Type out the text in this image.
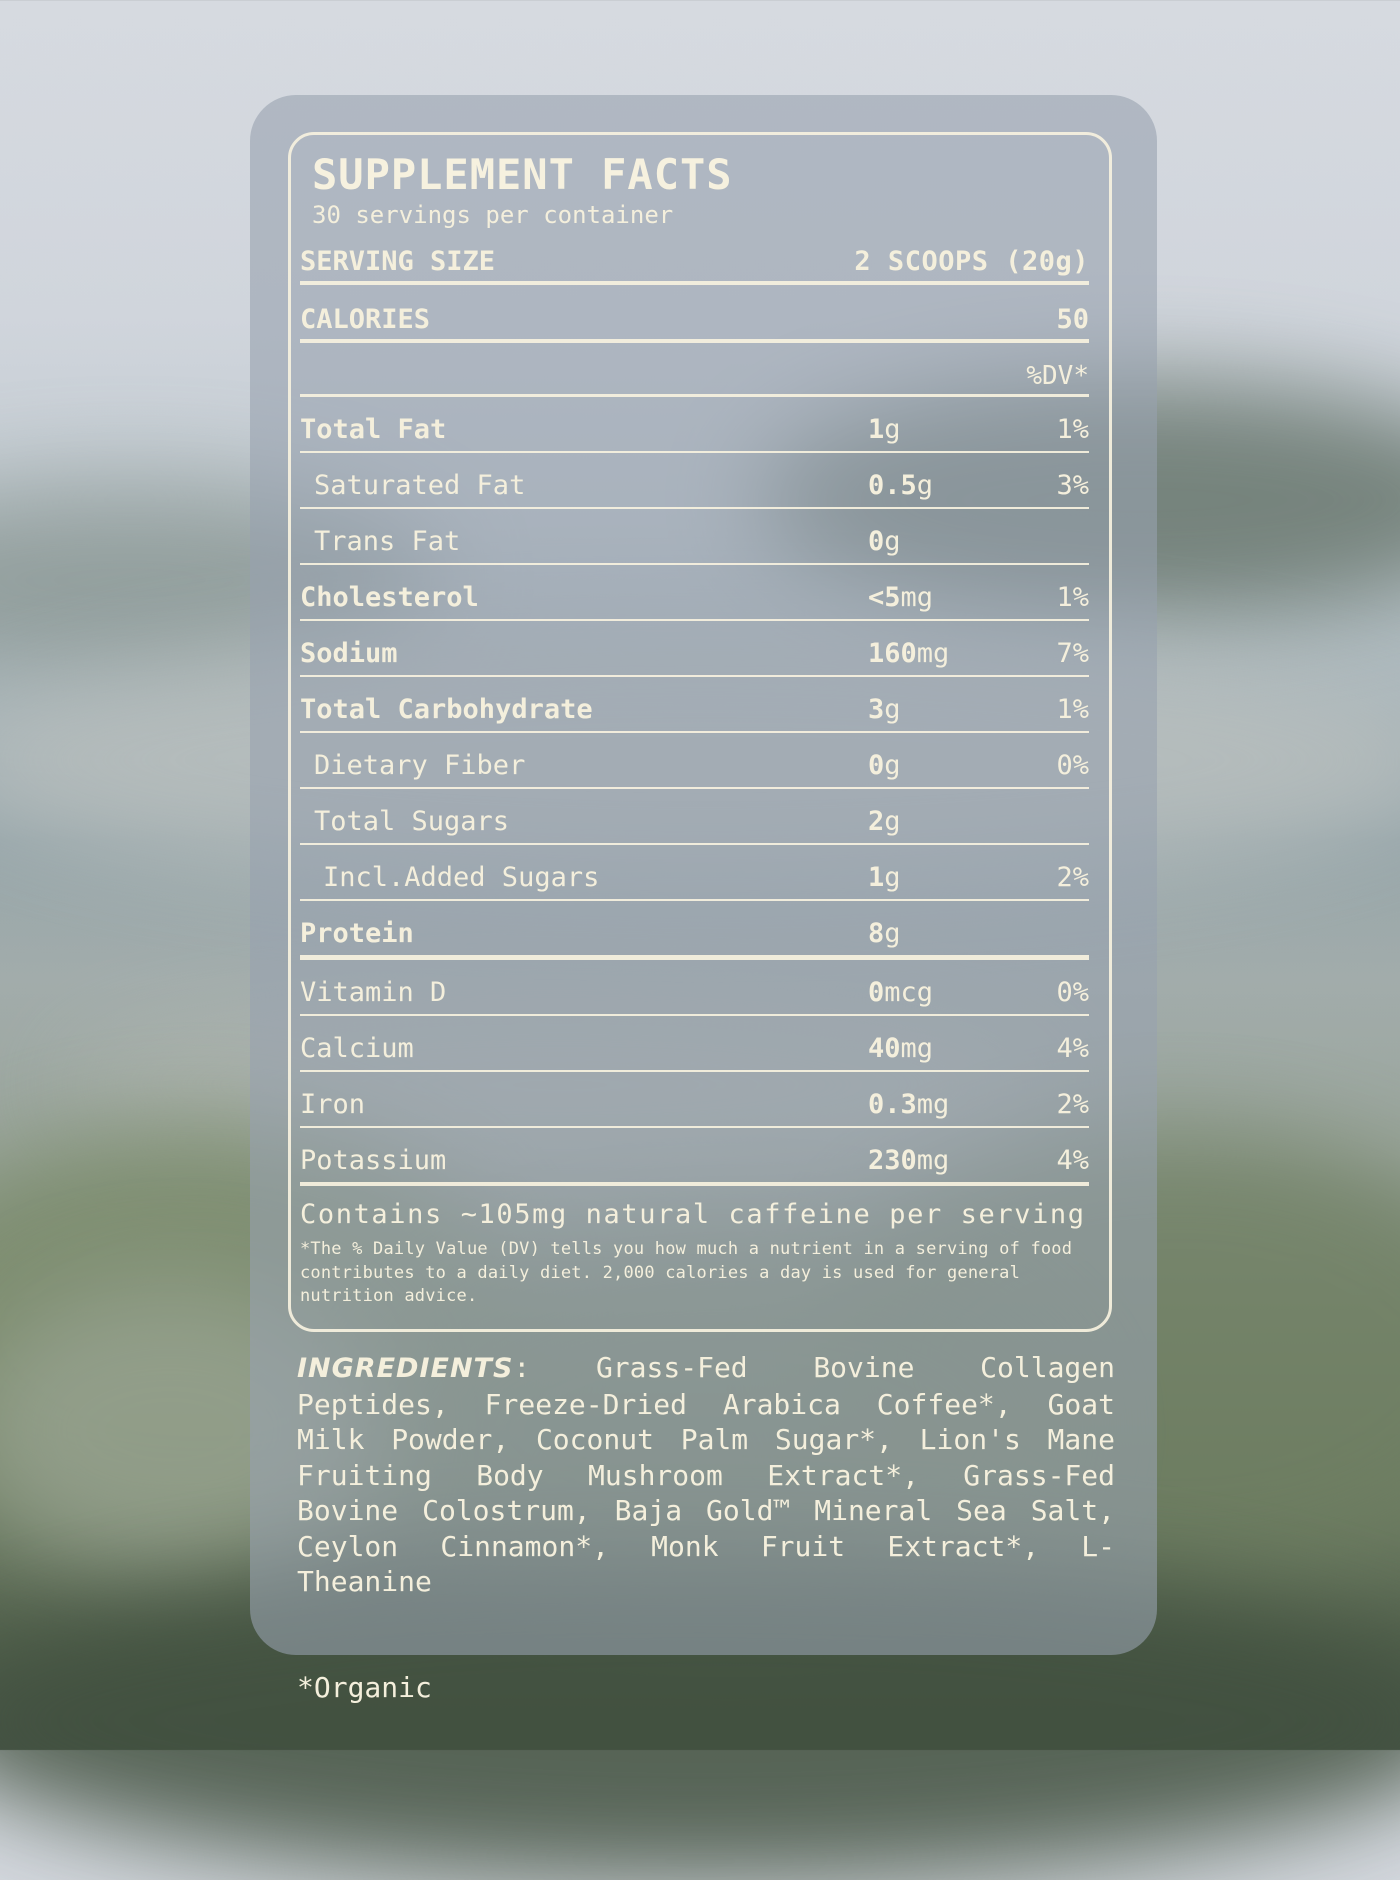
SUPPLEMENT FACTS
30 servings per container
SERVING SIZE	2 SCOOPS (20g)
CALORIES	50
%DV*
Total Fat	1g	1%
Saturated Fat	0.5g	3%
Trans Fat	0g
Cholesterol	<5mg	1%
Sodium	160mg	7%
Total Carbohydrate	3g	1%
Dietary Fiber	0g	0%
Total Sugars	2g
Incl.Added Sugars	1g	2%
Protein	8g
Vitamin D	0mcg	0%
Calcium	40mg	4%
Iron	0.3mg	2%
Potassium	230mg	4%
Contains ~105mg natural caffeine per serving
*The % Daily Value (DV) tells you how much a nutrient in a serving of food contributes to a daily diet. 2,000 calories a day is used for general nutrition advice.

INGREDIENTS: Grass-Fed Bovine Collagen Peptides, Freeze-Dried Arabica Coffee*, Goat Milk Powder, Coconut Palm Sugar*, Lion's Mane Fruiting Body Mushroom Extract*, Grass-Fed Bovine Colostrum, Baja Gold™ Mineral Sea Salt, Ceylon Cinnamon*, Monk Fruit Extract*, L-Theanine

*Organic
